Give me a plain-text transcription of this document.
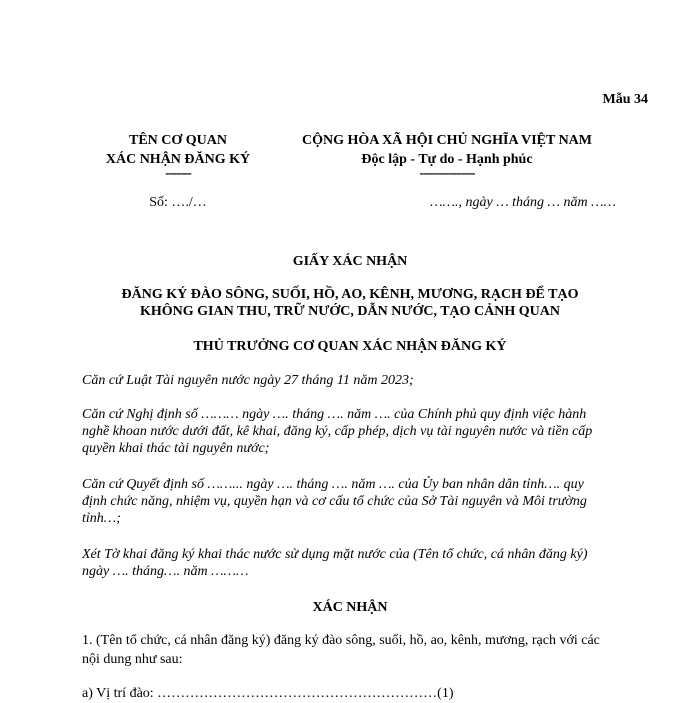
Mẫu 34
TÊN CƠ QUAN
XÁC NHẬN ĐĂNG KÝ
-------
CỘNG HÒA XÃ HỘI CHỦ NGHĨA VIỆT NAM
Độc lập - Tự do - Hạnh phúc
---------------
Số: …./…	……., ngày … tháng … năm ……
GIẤY XÁC NHẬN
ĐĂNG KÝ ĐÀO SÔNG, SUỐI, HỒ, AO, KÊNH, MƯƠNG, RẠCH ĐỂ TẠO
KHÔNG GIAN THU, TRỮ NƯỚC, DẪN NƯỚC, TẠO CẢNH QUAN
THỦ TRƯỞNG CƠ QUAN XÁC NHẬN ĐĂNG KÝ
Căn cứ Luật Tài nguyên nước ngày 27 tháng 11 năm 2023;
Căn cứ Nghị định số ……… ngày …. tháng …. năm …. của Chính phủ quy định việc hành nghề khoan nước dưới đất, kê khai, đăng ký, cấp phép, dịch vụ tài nguyên nước và tiền cấp quyền khai thác tài nguyên nước;
Căn cứ Quyết định số ……... ngày …. tháng …. năm …. của Ủy ban nhân dân tỉnh…. quy định chức năng, nhiệm vụ, quyền hạn và cơ cấu tổ chức của Sở Tài nguyên và Môi trường tỉnh…;
Xét Tờ khai đăng ký khai thác nước sử dụng mặt nước của (Tên tổ chức, cá nhân đăng ký) ngày …. tháng…. năm ………
XÁC NHẬN
1. (Tên tổ chức, cá nhân đăng ký) đăng ký đào sông, suối, hồ, ao, kênh, mương, rạch với các nội dung như sau:
a) Vị trí đào: ……………………………………………………(1)
